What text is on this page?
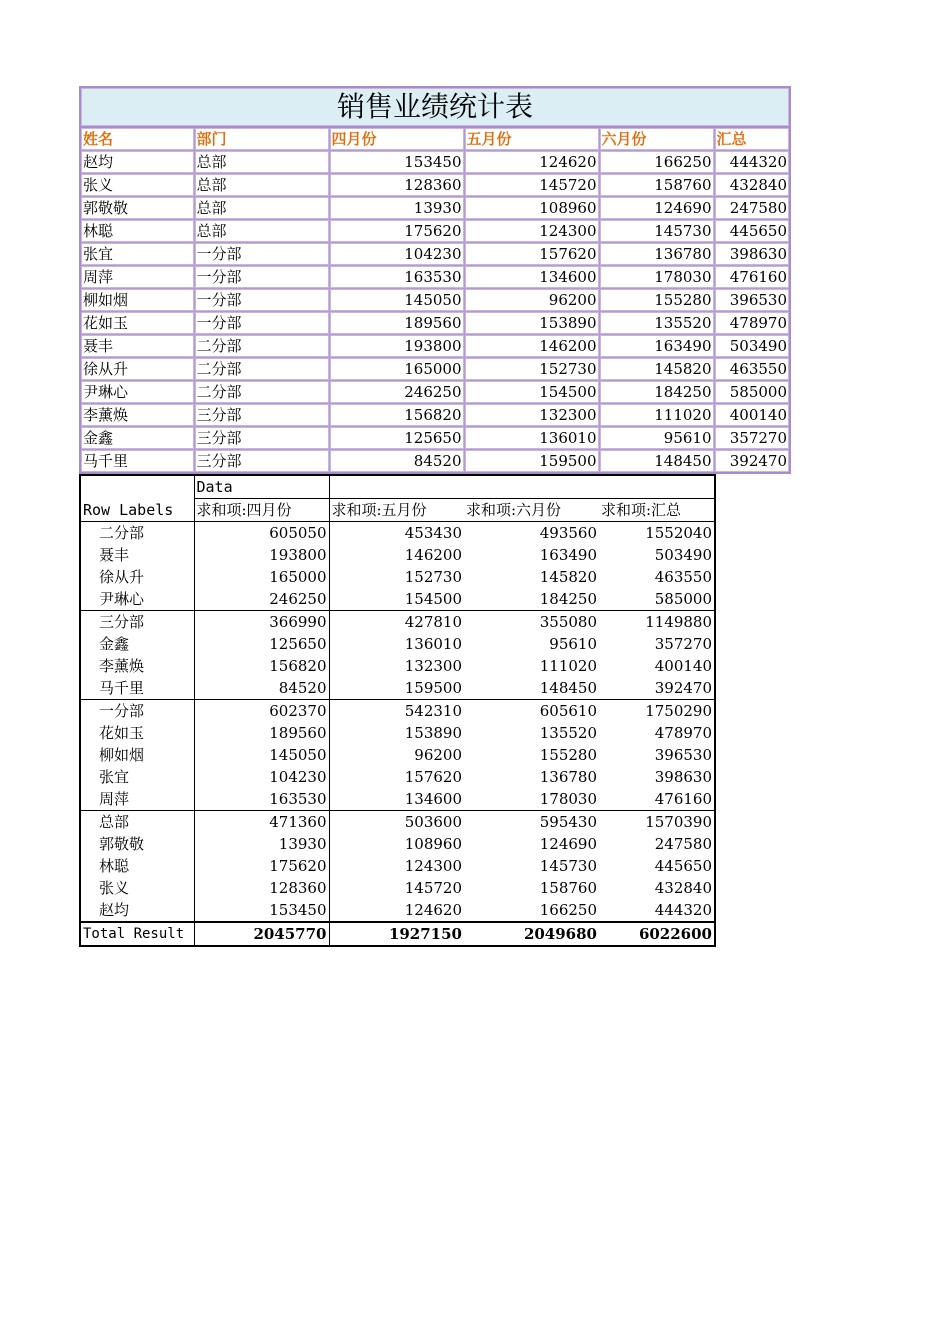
销售业绩统计表					
姓名	部门	四月份	五月份	六月份	汇总
赵均	总部	153450	124620	166250	444320
张义	总部	128360	145720	158760	432840
郭敬敬	总部	13930	108960	124690	247580
林聪	总部	175620	124300	145730	445650
张宜	一分部	104230	157620	136780	398630
周萍	一分部	163530	134600	178030	476160
柳如烟	一分部	145050	96200	155280	396530
花如玉	一分部	189560	153890	135520	478970
聂丰	二分部	193800	146200	163490	503490
徐从升	二分部	165000	152730	145820	463550
尹琳心	二分部	246250	154500	184250	585000
李薰焕	三分部	156820	132300	111020	400140
金鑫	三分部	125650	136010	95610	357270
马千里	三分部	84520	159500	148450	392470
	Data			
Row Labels	求和项:四月份	求和项:五月份	求和项:六月份	求和项:汇总
二分部	605050	453430	493560	1552040
聂丰	193800	146200	163490	503490
徐从升	165000	152730	145820	463550
尹琳心	246250	154500	184250	585000
三分部	366990	427810	355080	1149880
金鑫	125650	136010	95610	357270
李薰焕	156820	132300	111020	400140
马千里	84520	159500	148450	392470
一分部	602370	542310	605610	1750290
花如玉	189560	153890	135520	478970
柳如烟	145050	96200	155280	396530
张宜	104230	157620	136780	398630
周萍	163530	134600	178030	476160
总部	471360	503600	595430	1570390
郭敬敬	13930	108960	124690	247580
林聪	175620	124300	145730	445650
张义	128360	145720	158760	432840
赵均	153450	124620	166250	444320
Total Result	2045770	1927150	2049680	6022600
